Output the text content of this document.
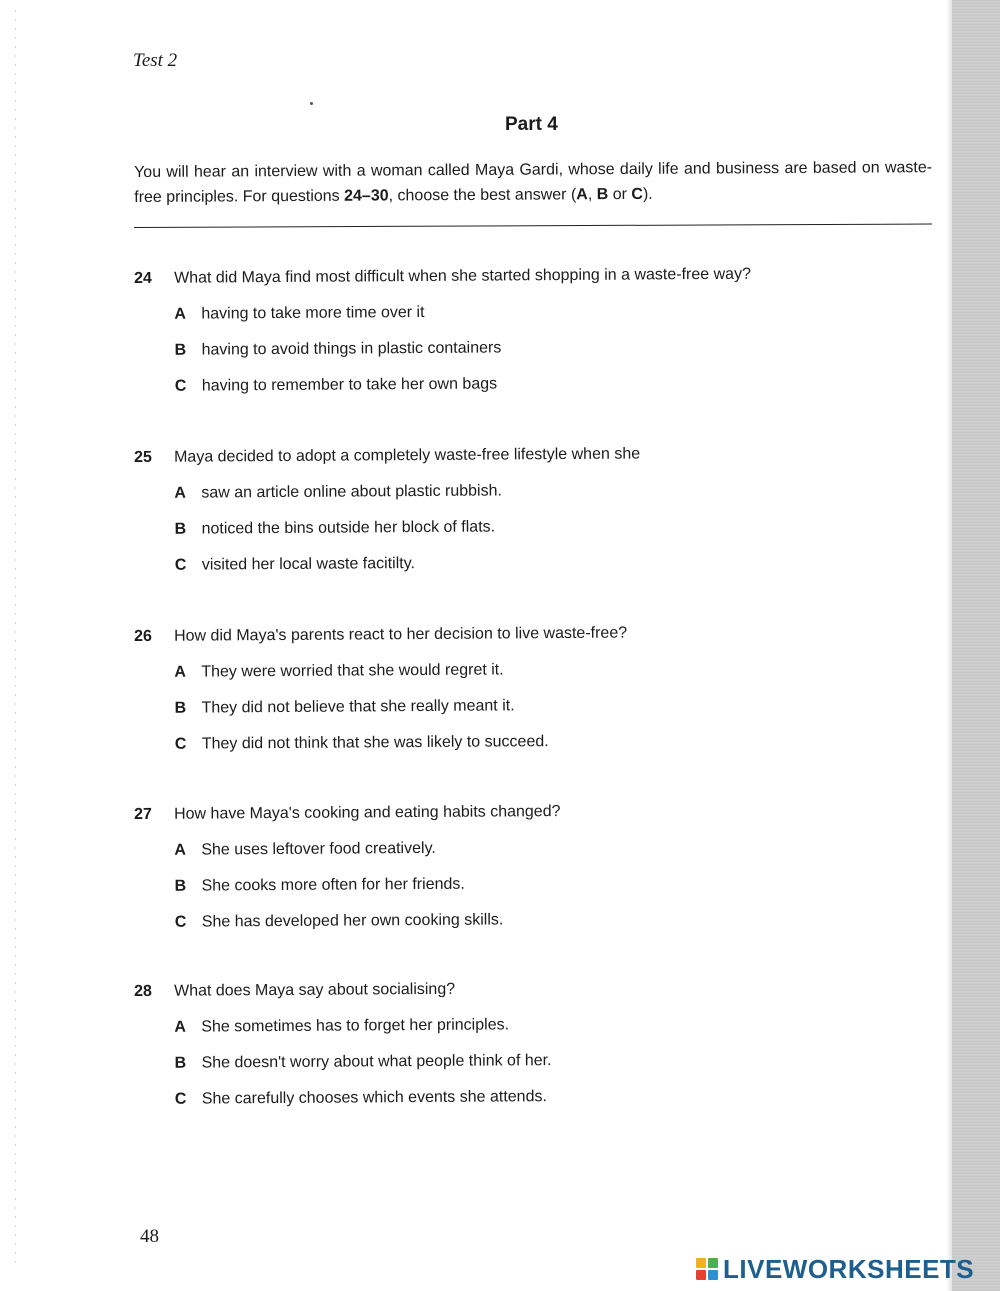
Test 2
Part 4
You will hear an interview with a woman called Maya Gardi, whose daily life and business are based on waste-free principles. For questions 24–30, choose the best answer (A, B or C).
24 What did Maya find most difficult when she started shopping in a waste-free way?
A having to take more time over it
B having to avoid things in plastic containers
C having to remember to take her own bags
25 Maya decided to adopt a completely waste-free lifestyle when she
A saw an article online about plastic rubbish.
B noticed the bins outside her block of flats.
C visited her local waste facitilty.
26 How did Maya's parents react to her decision to live waste-free?
A They were worried that she would regret it.
B They did not believe that she really meant it.
C They did not think that she was likely to succeed.
27 How have Maya's cooking and eating habits changed?
A She uses leftover food creatively.
B She cooks more often for her friends.
C She has developed her own cooking skills.
28 What does Maya say about socialising?
A She sometimes has to forget her principles.
B She doesn't worry about what people think of her.
C She carefully chooses which events she attends.
48
LIVEWORKSHEETS
